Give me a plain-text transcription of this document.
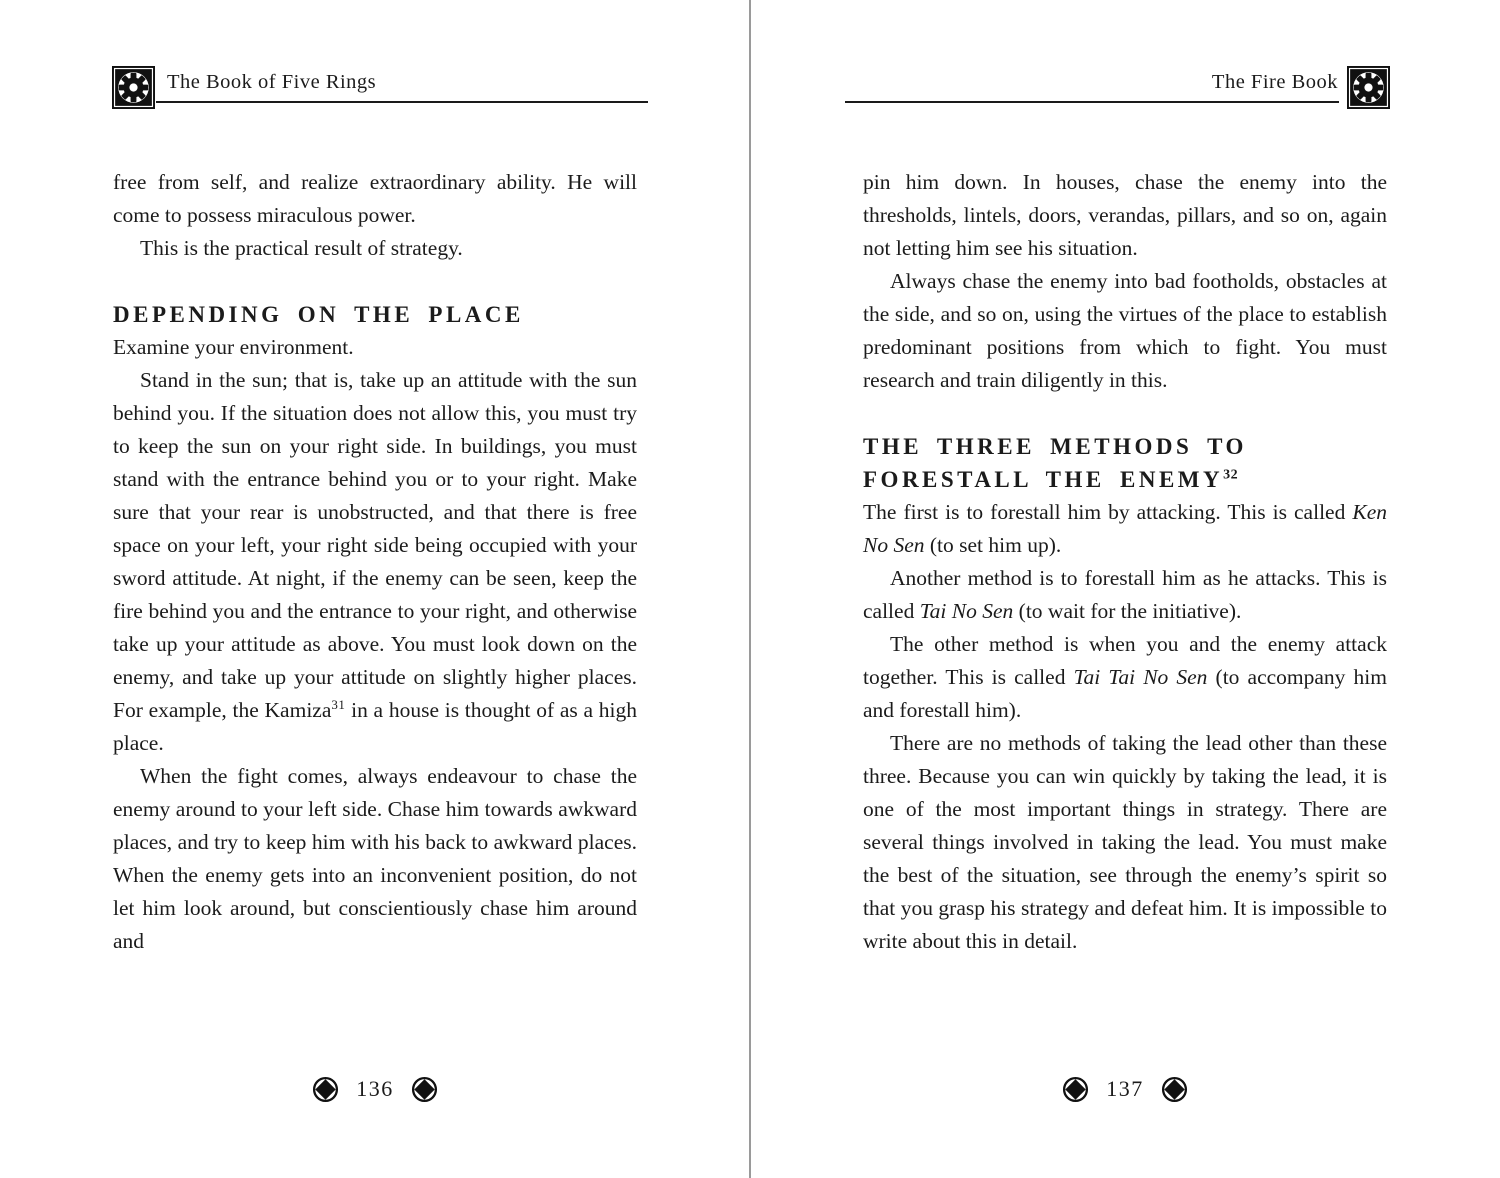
The Book of Five Rings

free from self, and realize extraordinary ability. He will come to possess miraculous power.

This is the practical result of strategy.

DEPENDING ON THE PLACE

Examine your environment.

Stand in the sun; that is, take up an attitude with the sun behind you. If the situation does not allow this, you must try to keep the sun on your right side. In buildings, you must stand with the entrance behind you or to your right. Make sure that your rear is unobstructed, and that there is free space on your left, your right side being occupied with your sword attitude. At night, if the enemy can be seen, keep the fire behind you and the entrance to your right, and otherwise take up your attitude as above. You must look down on the enemy, and take up your attitude on slightly higher places. For example, the Kamiza$^{31}$ in a house is thought of as a high place.

When the fight comes, always endeavour to chase the enemy around to your left side. Chase him towards awkward places, and try to keep him with his back to awkward places. When the enemy gets into an inconvenient position, do not let him look around, but conscientiously chase him around and

136
The Fire Book

pin him down. In houses, chase the enemy into the thresholds, lintels, doors, verandas, pillars, and so on, again not letting him see his situation.

Always chase the enemy into bad footholds, obstacles at the side, and so on, using the virtues of the place to establish predominant positions from which to fight. You must research and train diligently in this.

THE THREE METHODS TO
FORESTALL THE ENEMY$^{32}$

The first is to forestall him by attacking. This is called Ken No Sen (to set him up).

Another method is to forestall him as he attacks. This is called Tai No Sen (to wait for the initiative).

The other method is when you and the enemy attack together. This is called Tai Tai No Sen (to accompany him and forestall him).

There are no methods of taking the lead other than these three. Because you can win quickly by taking the lead, it is one of the most important things in strategy. There are several things involved in taking the lead. You must make the best of the situation, see through the enemy’s spirit so that you grasp his strategy and defeat him. It is impossible to write about this in detail.

137
